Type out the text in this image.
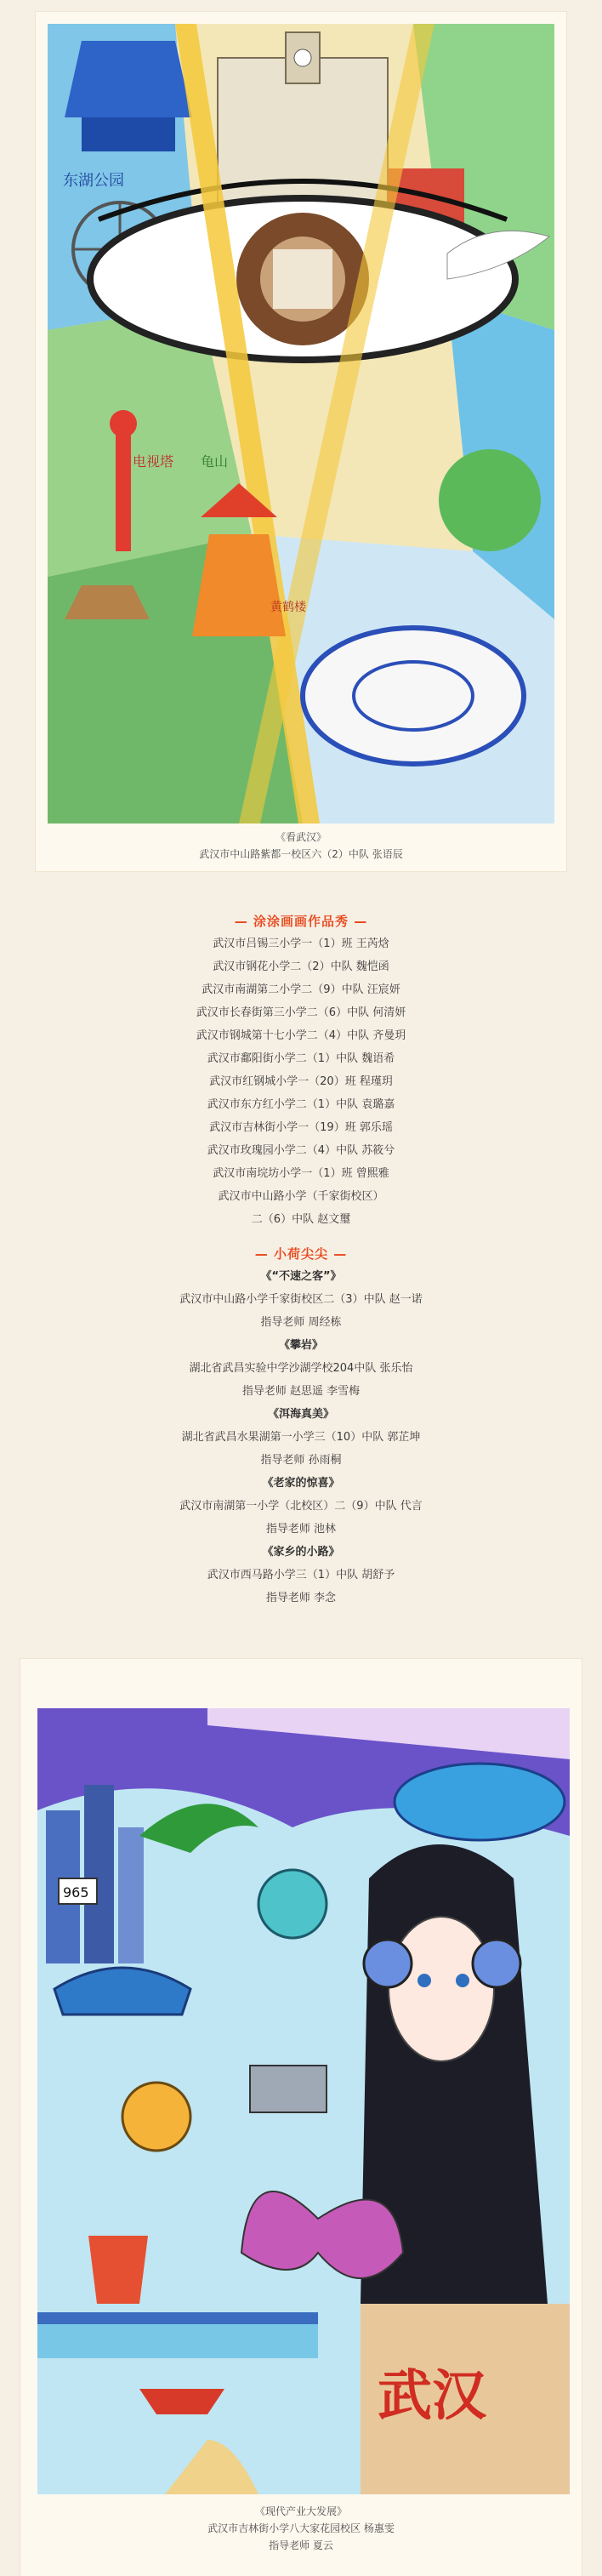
东湖公园
电视塔 龟山
黄鹤楼
《看武汉》
武汉市中山路紫都一校区六（2）中队 张语辰
— 涂涂画画作品秀 —
武汉市吕锡三小学一（1）班 王芮焓
武汉市钢花小学二（2）中队 魏恺函
武汉市南湖第二小学二（9）中队 汪宸妍
武汉市长春街第三小学二（6）中队 何清妍
武汉市钢城第十七小学二（4）中队 齐曼玥
武汉市鄱阳街小学二（1）中队 魏语希
武汉市红钢城小学一（20）班 程瑾玥
武汉市东方红小学二（1）中队 袁璐嘉
武汉市吉林街小学一（19）班 郭乐瑶
武汉市玫瑰园小学二（4）中队 苏筱兮
武汉市南垸坊小学一（1）班 曾熙雅
武汉市中山路小学（千家街校区）
二（6）中队 赵文璽
— 小荷尖尖 —
《“不速之客”》
武汉市中山路小学千家街校区二（3）中队 赵一诺
指导老师 周经栋
《攀岩》
湖北省武昌实验中学沙湖学校204中队 张乐怡
指导老师 赵思遥 李雪梅
《洱海真美》
湖北省武昌水果湖第一小学三（10）中队 郭芷坤
指导老师 孙雨桐
《老家的惊喜》
武汉市南湖第一小学（北校区）二（9）中队 代言
指导老师 池林
《家乡的小路》
武汉市西马路小学三（1）中队 胡舒予
指导老师 李念
965
武汉
《现代产业大发展》
武汉市吉林街小学八大家花园校区 杨惠雯
指导老师 夏云
